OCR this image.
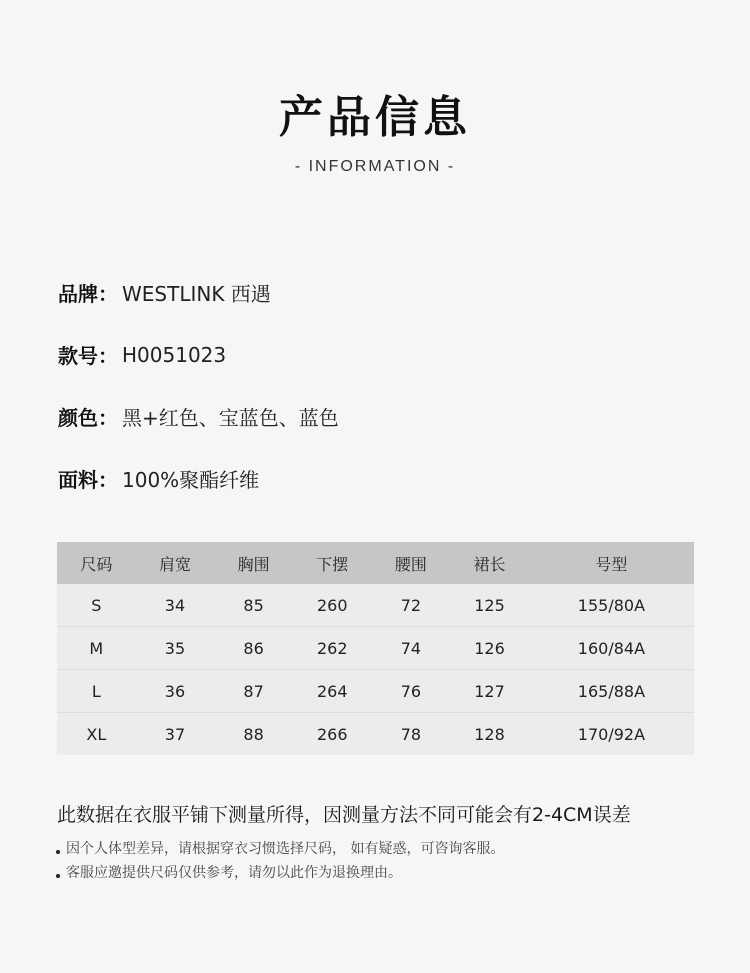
产品信息
- INFORMATION -
品牌： WESTLINK 西遇
款号： H0051023
颜色： 黑+红色、宝蓝色、蓝色
面料： 100%聚酯纤维
尺码	肩宽	胸围	下摆	腰围	裙长	号型
S	34	85	260	72	125	155/80A
M	35	86	262	74	126	160/84A
L	36	87	264	76	127	165/88A
XL	37	88	266	78	128	170/92A
此数据在衣服平铺下测量所得，因测量方法不同可能会有2-4CM误差
因个人体型差异，请根据穿衣习惯选择尺码， 如有疑惑，可咨询客服。
客服应邀提供尺码仅供参考，请勿以此作为退换理由。
